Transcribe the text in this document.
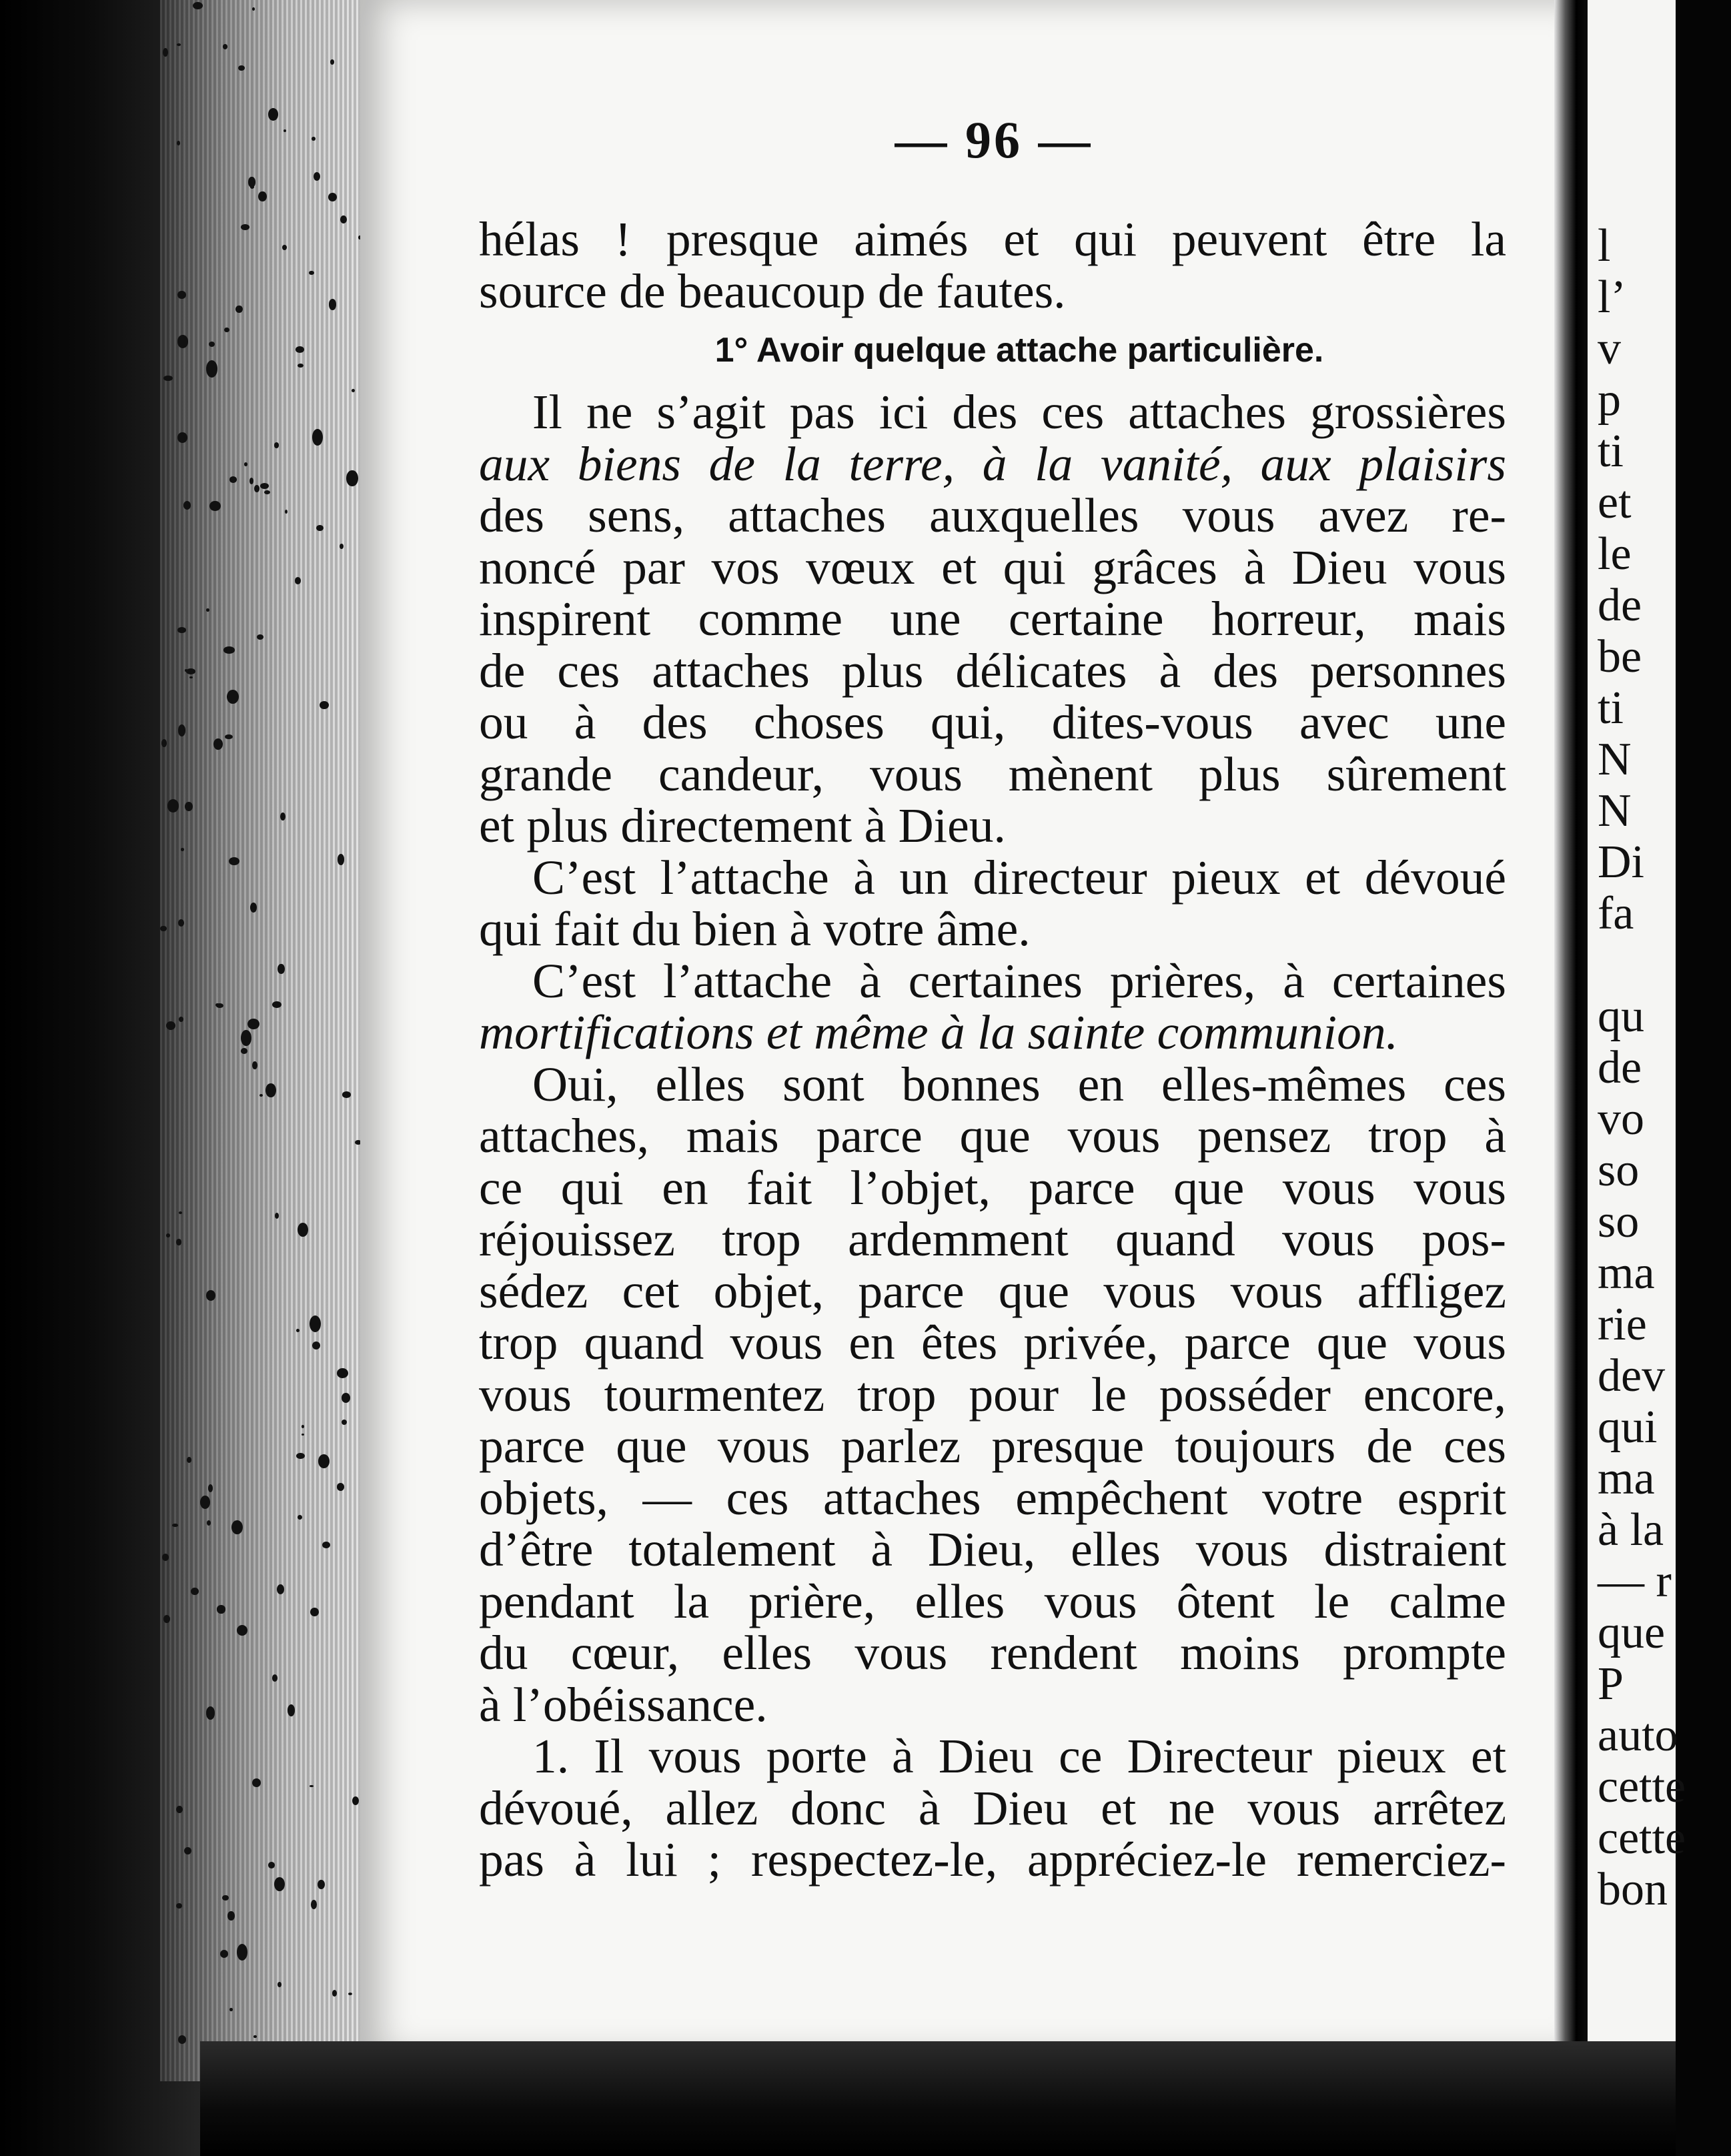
— 96 —

hélas ! presque aimés et qui peuvent être la
source de beaucoup de fautes.

1° Avoir quelque attache particulière.

Il ne s’agit pas ici des ces attaches grossières
aux biens de la terre, à la vanité, aux plaisirs
des sens, attaches auxquelles vous avez re-
noncé par vos vœux et qui grâces à Dieu vous
inspirent comme une certaine horreur, mais
de ces attaches plus délicates à des personnes
ou à des choses qui, dites-vous avec une
grande candeur, vous mènent plus sûrement
et plus directement à Dieu.

C’est l’attache à un directeur pieux et dévoué
qui fait du bien à votre âme.

C’est l’attache à certaines prières, à certaines
mortifications et même à la sainte communion.

Oui, elles sont bonnes en elles-mêmes ces
attaches, mais parce que vous pensez trop à
ce qui en fait l’objet, parce que vous vous
réjouissez trop ardemment quand vous pos-
sédez cet objet, parce que vous vous affligez
trop quand vous en êtes privée, parce que vous
vous tourmentez trop pour le posséder encore,
parce que vous parlez presque toujours de ces
objets, — ces attaches empêchent votre esprit
d’être totalement à Dieu, elles vous distraient
pendant la prière, elles vous ôtent le calme
du cœur, elles vous rendent moins prompte
à l’obéissance.

1. Il vous porte à Dieu ce Directeur pieux et
dévoué, allez donc à Dieu et ne vous arrêtez
pas à lui ; respectez-le, appréciez-le remerciez-

l
l’
v
p
ti
et
le
de
be
ti
N
N
Di
fa

qu
de
vo
so
so
ma
rie
dev
qui
ma
à la
— r
que
P
auto
cette
cette
bon
